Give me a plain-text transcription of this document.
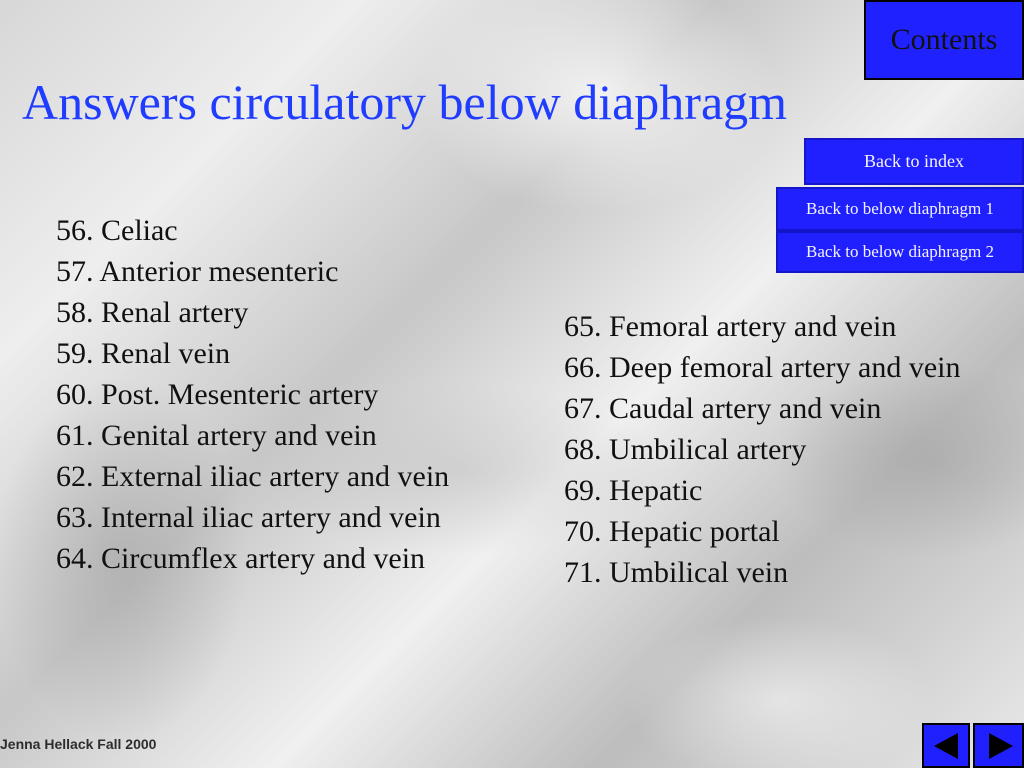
Answers circulatory below diaphragm
Contents
Back to index
Back to below diaphragm 1
Back to below diaphragm 2
56. Celiac
57. Anterior mesenteric
58. Renal artery
59. Renal vein
60. Post. Mesenteric artery
61. Genital artery and vein
62. External iliac artery and vein
63. Internal iliac artery and vein
64. Circumflex artery and vein
65. Femoral artery and vein
66. Deep femoral artery and vein
67. Caudal artery and vein
68. Umbilical artery
69. Hepatic
70. Hepatic portal
71. Umbilical vein
Jenna Hellack Fall 2000
